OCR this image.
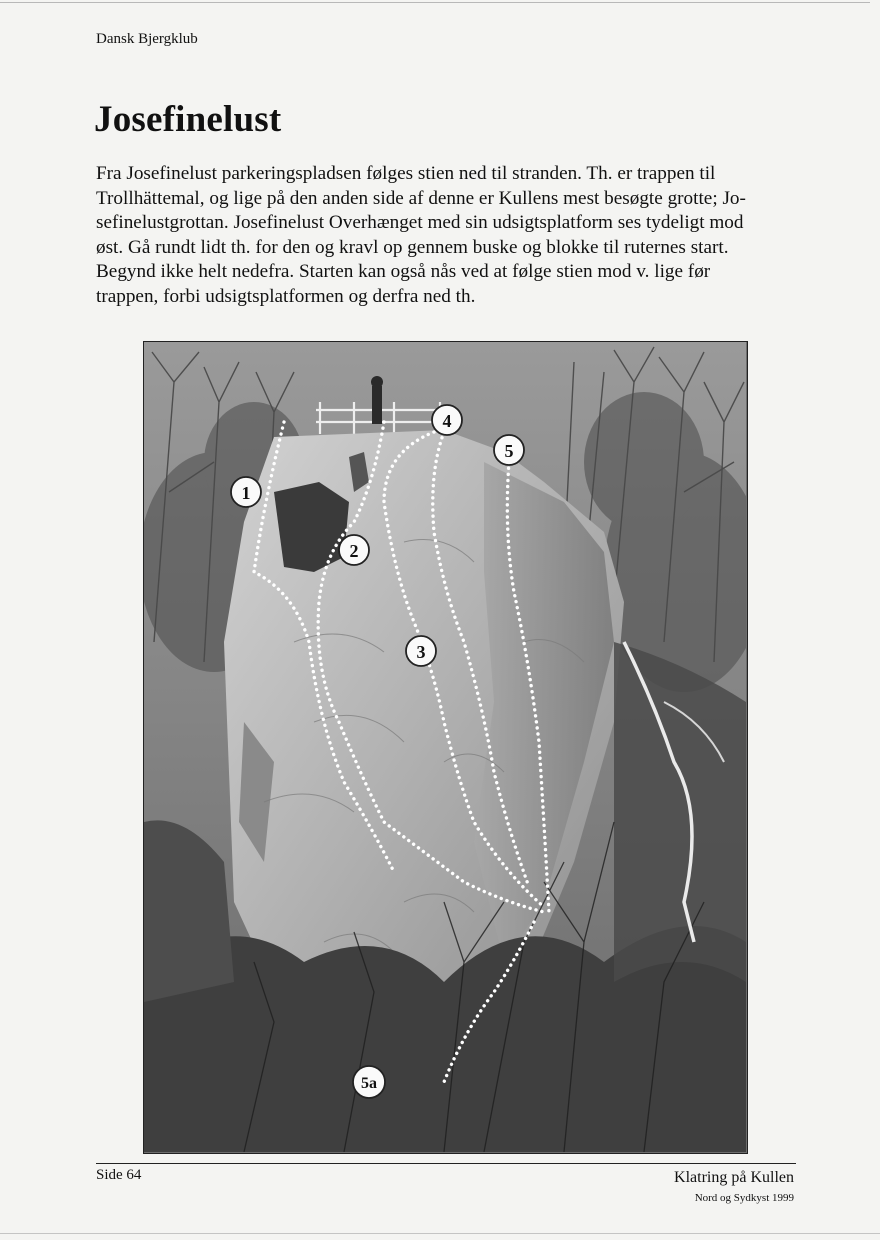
Dansk Bjergklub
Josefinelust

Fra Josefinelust parkeringspladsen følges stien ned til stranden. Th. er trappen til
Trollhättemal, og lige på den anden side af denne er Kullens mest besøgte grotte; Jo-
sefinelustgrottan. Josefinelust Overhænget med sin udsigtsplatform ses tydeligt mod
øst. Gå rundt lidt th. for den og kravl op gennem buske og blokke til ruternes start.
Begynd ikke helt nedefra. Starten kan også nås ved at følge stien mod v. lige før
trappen, forbi udsigtsplatformen og derfra ned th.

1
2
3
4
5
5a
Side 64	Klatring på Kullen
Nord og Sydkyst 1999
